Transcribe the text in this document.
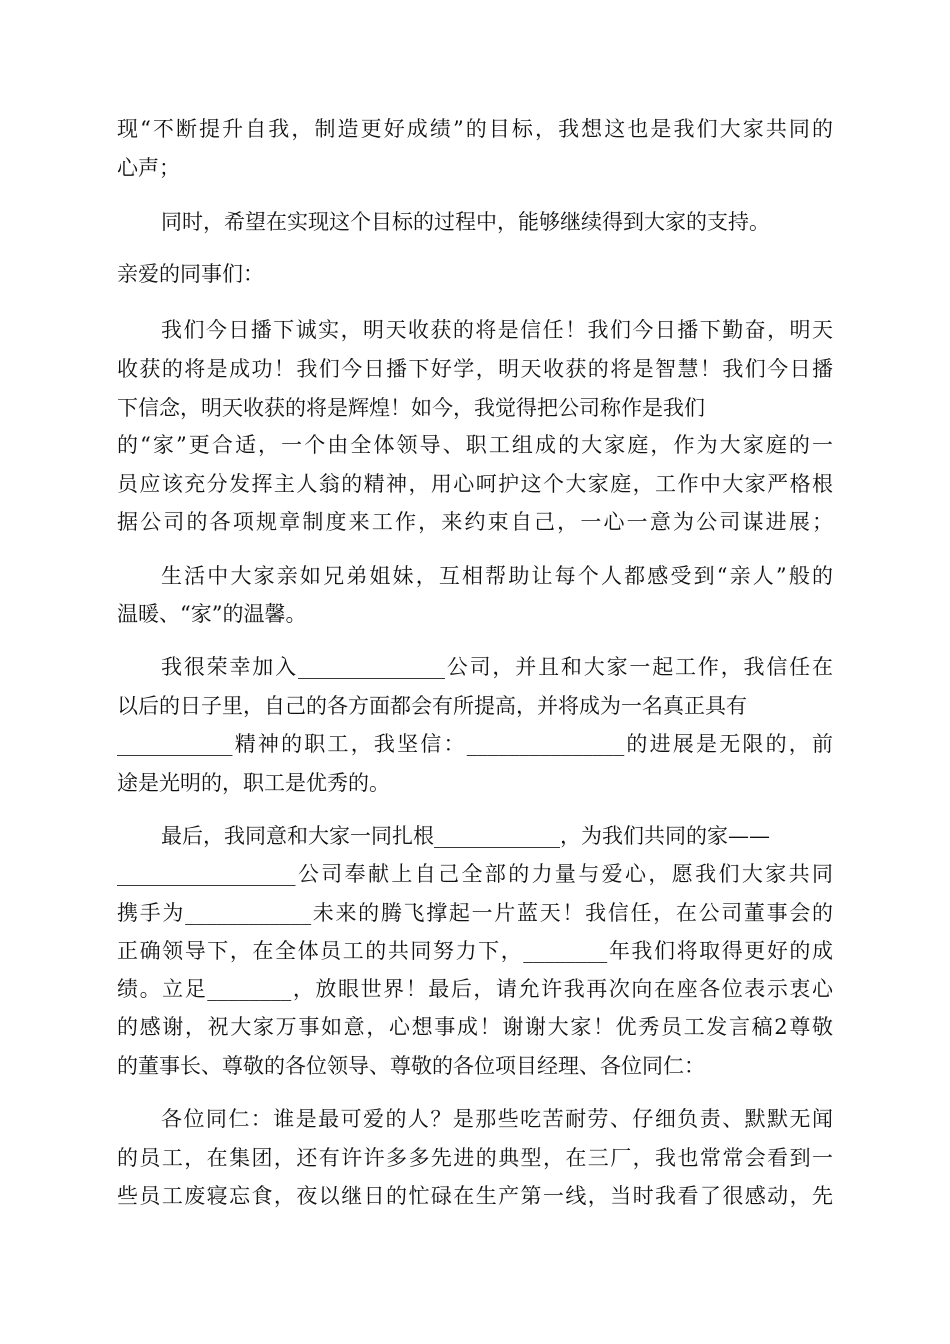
现“不断提升自我，制造更好成绩”的目标，我想这也是我们大家共同的
心声；
同时，希望在实现这个目标的过程中，能够继续得到大家的支持。
亲爱的同事们：
我们今日播下诚实，明天收获的将是信任！我们今日播下勤奋，明天
收获的将是成功！我们今日播下好学，明天收获的将是智慧！我们今日播
下信念，明天收获的将是辉煌！如今，我觉得把公司称作是我们
的“家”更合适，一个由全体领导、职工组成的大家庭，作为大家庭的一
员应该充分发挥主人翁的精神，用心呵护这个大家庭，工作中大家严格根
据公司的各项规章制度来工作，来约束自己，一心一意为公司谋进展；
生活中大家亲如兄弟姐妹，互相帮助让每个人都感受到“亲人”般的
温暖、“家”的温馨。
我很荣幸加入______________公司，并且和大家一起工作，我信任在
以后的日子里，自己的各方面都会有所提高，并将成为一名真正具有
___________精神的职工，我坚信：_______________的进展是无限的，前
途是光明的，职工是优秀的。
最后，我同意和大家一同扎根____________，为我们共同的家——
_________________公司奉献上自己全部的力量与爱心，愿我们大家共同
携手为____________未来的腾飞撑起一片蓝天！我信任，在公司董事会的
正确领导下，在全体员工的共同努力下，________年我们将取得更好的成
绩。立足________，放眼世界！最后，请允许我再次向在座各位表示衷心
的感谢，祝大家万事如意，心想事成！谢谢大家！优秀员工发言稿2尊敬
的董事长、尊敬的各位领导、尊敬的各位项目经理、各位同仁：
各位同仁：谁是最可爱的人？是那些吃苦耐劳、仔细负责、默默无闻
的员工，在集团，还有许许多多先进的典型，在三厂，我也常常会看到一
些员工废寝忘食，夜以继日的忙碌在生产第一线，当时我看了很感动，先
